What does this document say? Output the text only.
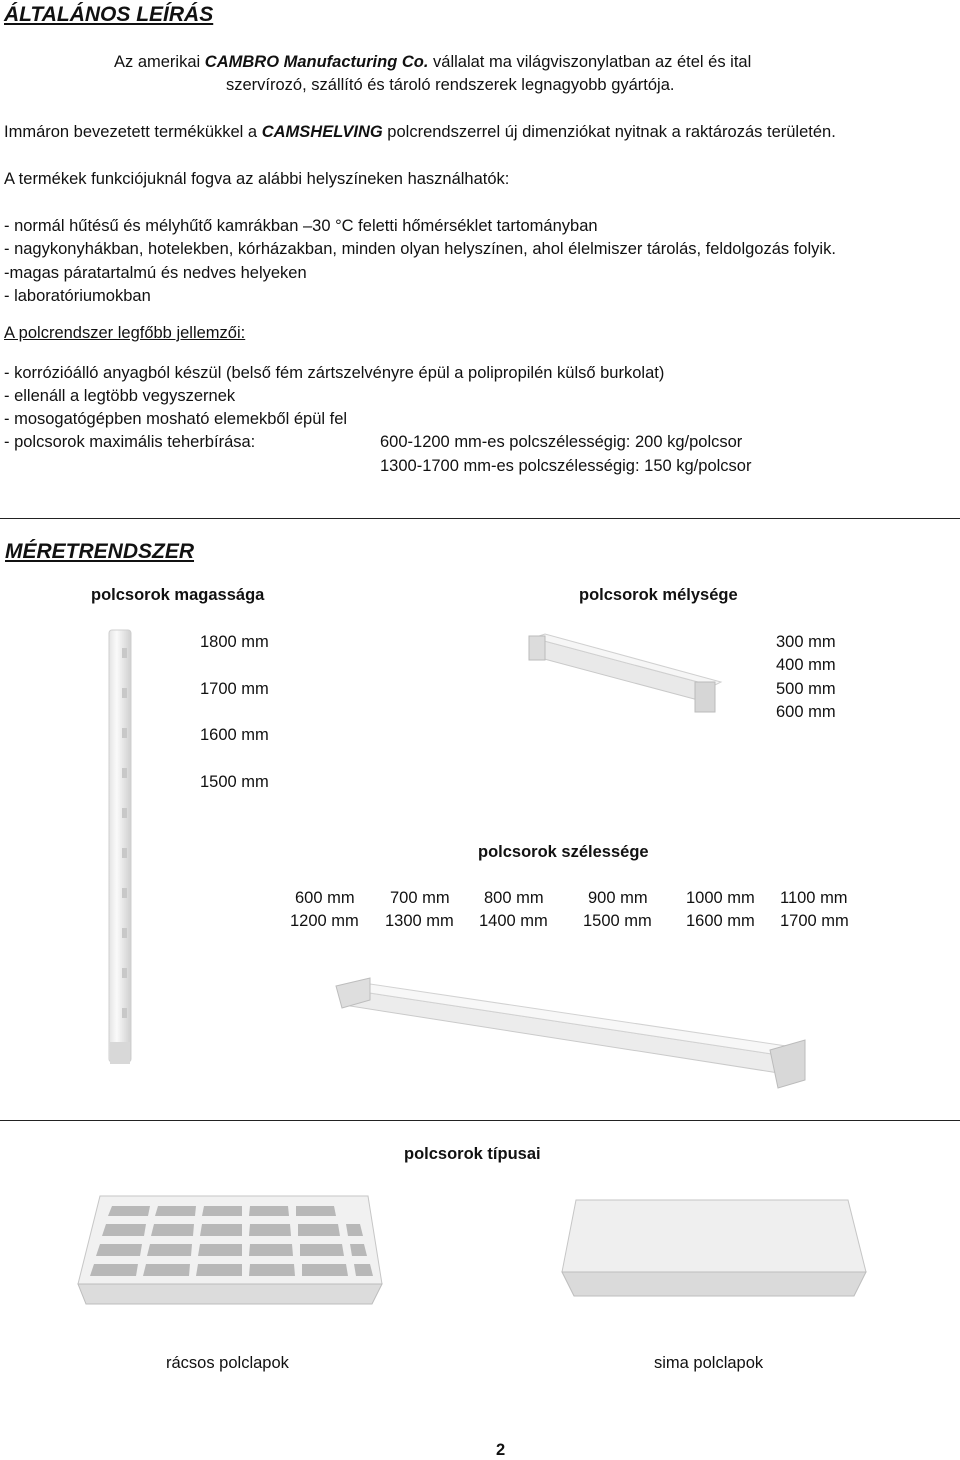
ÁLTALÁNOS LEÍRÁS
Az amerikai CAMBRO Manufacturing Co. vállalat ma világviszonylatban az étel és ital
szervírozó, szállító és tároló rendszerek legnagyobb gyártója.
Immáron bevezetett termékükkel a CAMSHELVING polcrendszerrel új dimenziókat nyitnak a raktározás területén.
A termékek funkciójuknál fogva az alábbi helyszíneken használhatók:
- normál hűtésű és mélyhűtő kamrákban –30 °C feletti hőmérséklet tartományban
- nagykonyhákban, hotelekben, kórházakban, minden olyan helyszínen, ahol élelmiszer tárolás, feldolgozás folyik.
-magas páratartalmú és nedves helyeken
- laboratóriumokban
A polcrendszer legfőbb jellemzői:
- korrózióálló anyagból készül (belső fém zártszelvényre épül a polipropilén külső burkolat)
- ellenáll a legtöbb vegyszernek
- mosogatógépben mosható elemekből épül fel
- polcsorok maximális teherbírása:	600-1200 mm-es polcszélességig: 200 kg/polcsor
1300-1700 mm-es polcszélességig: 150 kg/polcsor
MÉRETRENDSZER
polcsorok magassága	polcsorok mélysége
1800 mm
1700 mm
1600 mm
1500 mm
300 mm
400 mm
500 mm
600 mm
polcsorok szélessége
600 mm 700 mm 800 mm	900 mm 1000 mm 1100 mm
1200 mm 1300 mm 1400 mm 1500 mm 1600 mm 1700 mm
polcsorok típusai
rácsos polclapok	sima polclapok
2
